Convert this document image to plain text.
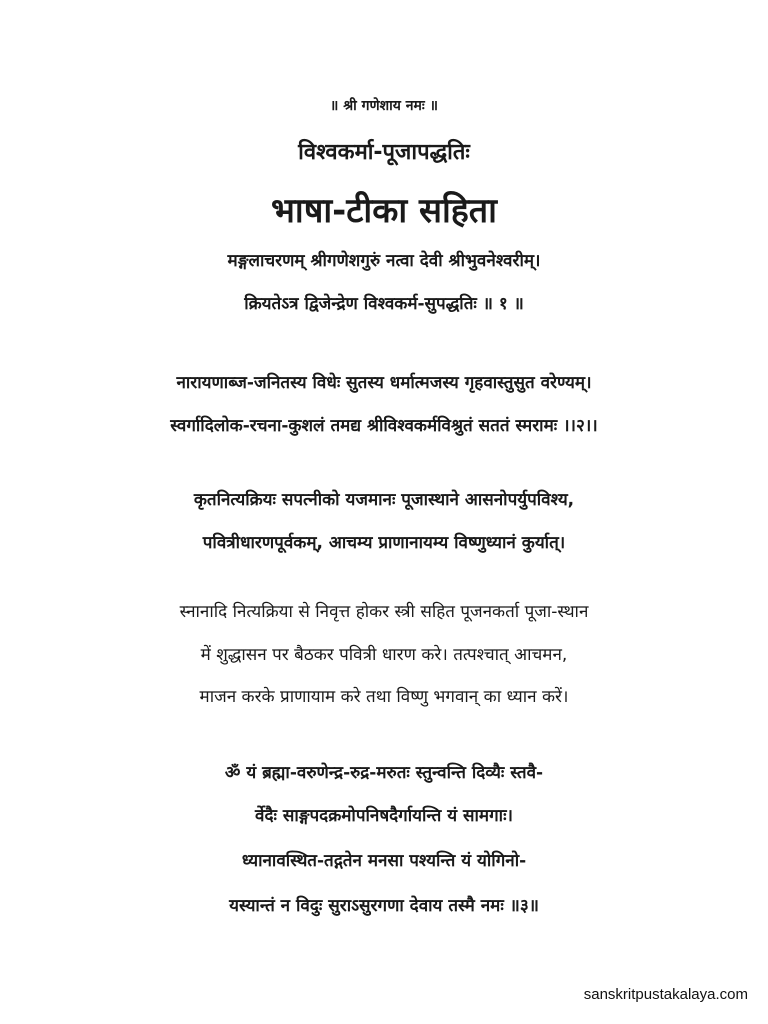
॥ श्री गणेशाय नमः ॥
विश्वकर्मा-पूजापद्धतिः
भाषा-टीका सहिता
मङ्गलाचरणम् श्रीगणेशगुरुं नत्वा देवी श्रीभुवनेश्वरीम्।
क्रियतेऽत्र द्विजेन्द्रेण विश्वकर्म-सुपद्धतिः ॥ १ ॥
नारायणाब्ज-जनितस्य विधेः सुतस्य धर्मात्मजस्य गृहवास्तुसुत वरेण्यम्।
स्वर्गादिलोक-रचना-कुशलं तमद्य श्रीविश्वकर्मविश्रुतं सततं स्मरामः ।।२।।
कृतनित्यक्रियः सपत्नीको यजमानः पूजास्थाने आसनोपर्युपविश्य,
पवित्रीधारणपूर्वकम्, आचम्य प्राणानायम्य विष्णुध्यानं कुर्यात्।
स्नानादि नित्यक्रिया से निवृत्त होकर स्त्री सहित पूजनकर्ता पूजा-स्थान
में शुद्धासन पर बैठकर पवित्री धारण करे। तत्पश्चात् आचमन,
माजन करके प्राणायाम करे तथा विष्णु भगवान् का ध्यान करें।
ॐ यं ब्रह्मा-वरुणेन्द्र-रुद्र-मरुतः स्तुन्वन्ति दिव्यैः स्तवै-
र्वेदैः साङ्गपदक्रमोपनिषदैर्गायन्ति यं सामगाः।
ध्यानावस्थित-तद्गतेन मनसा पश्यन्ति यं योगिनो-
यस्यान्तं न विदुः सुराऽसुरगणा देवाय तस्मै नमः ॥३॥
sanskritpustakalaya.com
